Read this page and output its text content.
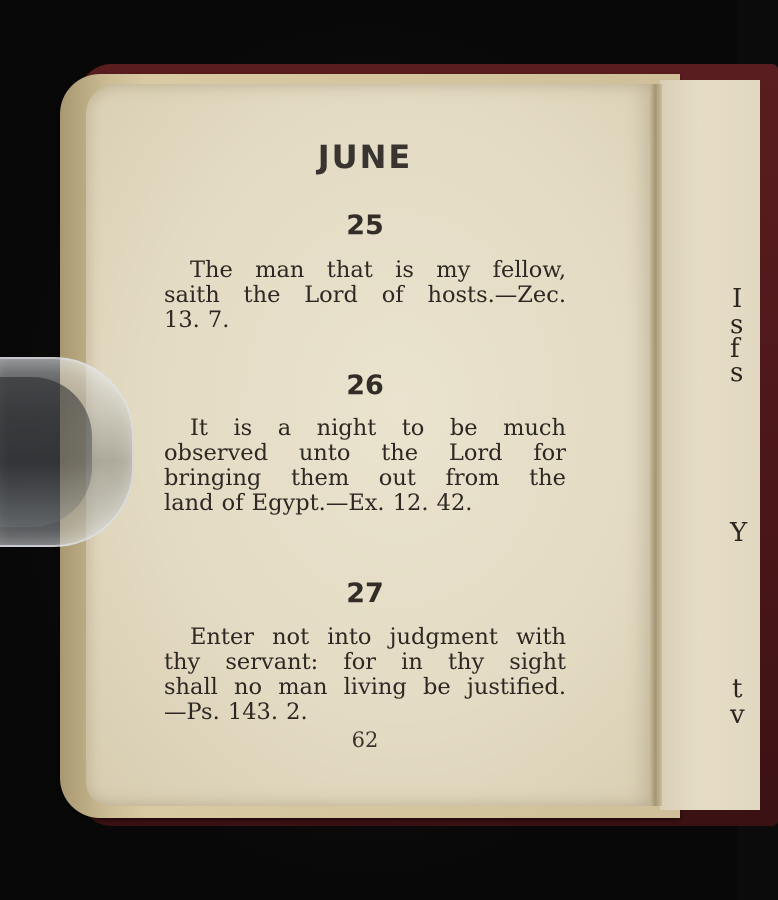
I
s
f
s
Y
t
v
JUNE
25
The man that is my fellow,
saith the Lord of hosts.—Zec.
13. 7.
26
It is a night to be much
observed unto the Lord for
bringing them out from the
land of Egypt.—Ex. 12. 42.
27
Enter not into judgment with
thy servant: for in thy sight
shall no man living be justified.
—Ps. 143. 2.
62
